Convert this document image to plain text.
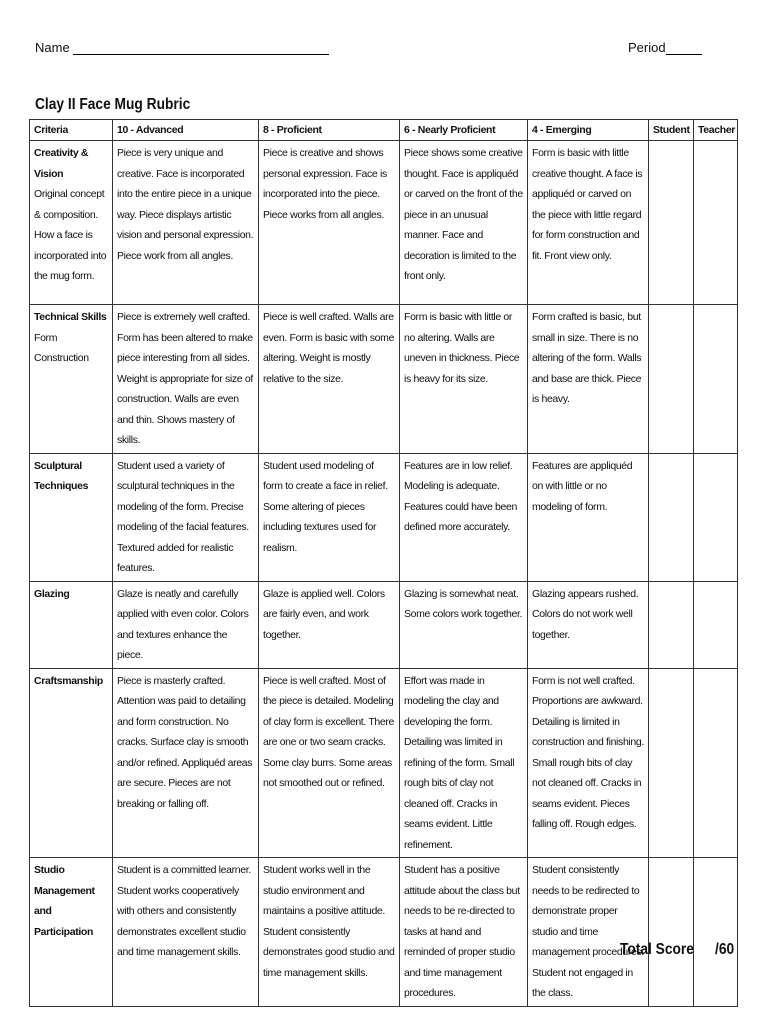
Name	Period
Clay II Face Mug Rubric
Criteria	10 - Advanced	8 - Proficient	6 - Nearly Proficient	4 - Emerging	Student	Teacher

Creativity & Vision
Original concept & composition. How a face is incorporated into the mug form.	Piece is very unique and creative. Face is incorporated into the entire piece in a unique way. Piece displays artistic vision and personal expression. Piece work from all angles.	Piece is creative and shows personal expression. Face is incorporated into the piece. Piece works from all angles.	Piece shows some creative thought. Face is appliquéd or carved on the front of the piece in an unusual manner. Face and decoration is limited to the front only.	Form is basic with little creative thought. A face is appliquéd or carved on the piece with little regard for form construction and fit. Front view only.		

Technical Skills
Form Construction	Piece is extremely well crafted. Form has been altered to make piece interesting from all sides. Weight is appropriate for size of construction. Walls are even and thin. Shows mastery of skills.	Piece is well crafted. Walls are even. Form is basic with some altering. Weight is mostly relative to the size.	Form is basic with little or no altering. Walls are uneven in thickness. Piece is heavy for its size.	Form crafted is basic, but small in size. There is no altering of the form. Walls and base are thick. Piece is heavy.		

Sculptural Techniques	Student used a variety of sculptural techniques in the modeling of the form. Precise modeling of the facial features. Textured added for realistic features.	Student used modeling of form to create a face in relief. Some altering of pieces including textures used for realism.	Features are in low relief. Modeling is adequate. Features could have been defined more accurately.	Features are appliquéd on with little or no modeling of form.		

Glazing	Glaze is neatly and carefully applied with even color. Colors and textures enhance the piece.	Glaze is applied well. Colors are fairly even, and work together.	Glazing is somewhat neat. Some colors work together.	Glazing appears rushed. Colors do not work well together.		

Craftsmanship	Piece is masterly crafted. Attention was paid to detailing and form construction. No cracks. Surface clay is smooth and/or refined. Appliquéd areas are secure. Pieces are not breaking or falling off.	Piece is well crafted. Most of the piece is detailed. Modeling of clay form is excellent. There are one or two seam cracks. Some clay burrs. Some areas not smoothed out or refined.	Effort was made in modeling the clay and developing the form. Detailing was limited in refining of the form. Small rough bits of clay not cleaned off. Cracks in seams evident. Little refinement.	Form is not well crafted. Proportions are awkward. Detailing is limited in construction and finishing. Small rough bits of clay not cleaned off. Cracks in seams evident. Pieces falling off. Rough edges.		

Studio Management and Participation	Student is a committed learner. Student works cooperatively with others and consistently demonstrates excellent studio and time management skills.	Student works well in the studio environment and maintains a positive attitude. Student consistently demonstrates good studio and time management skills.	Student has a positive attitude about the class but needs to be re-directed to tasks at hand and reminded of proper studio and time management procedures.	Student consistently needs to be redirected to demonstrate proper studio and time management procedures. Student not engaged in the class.		
Total Score /60
